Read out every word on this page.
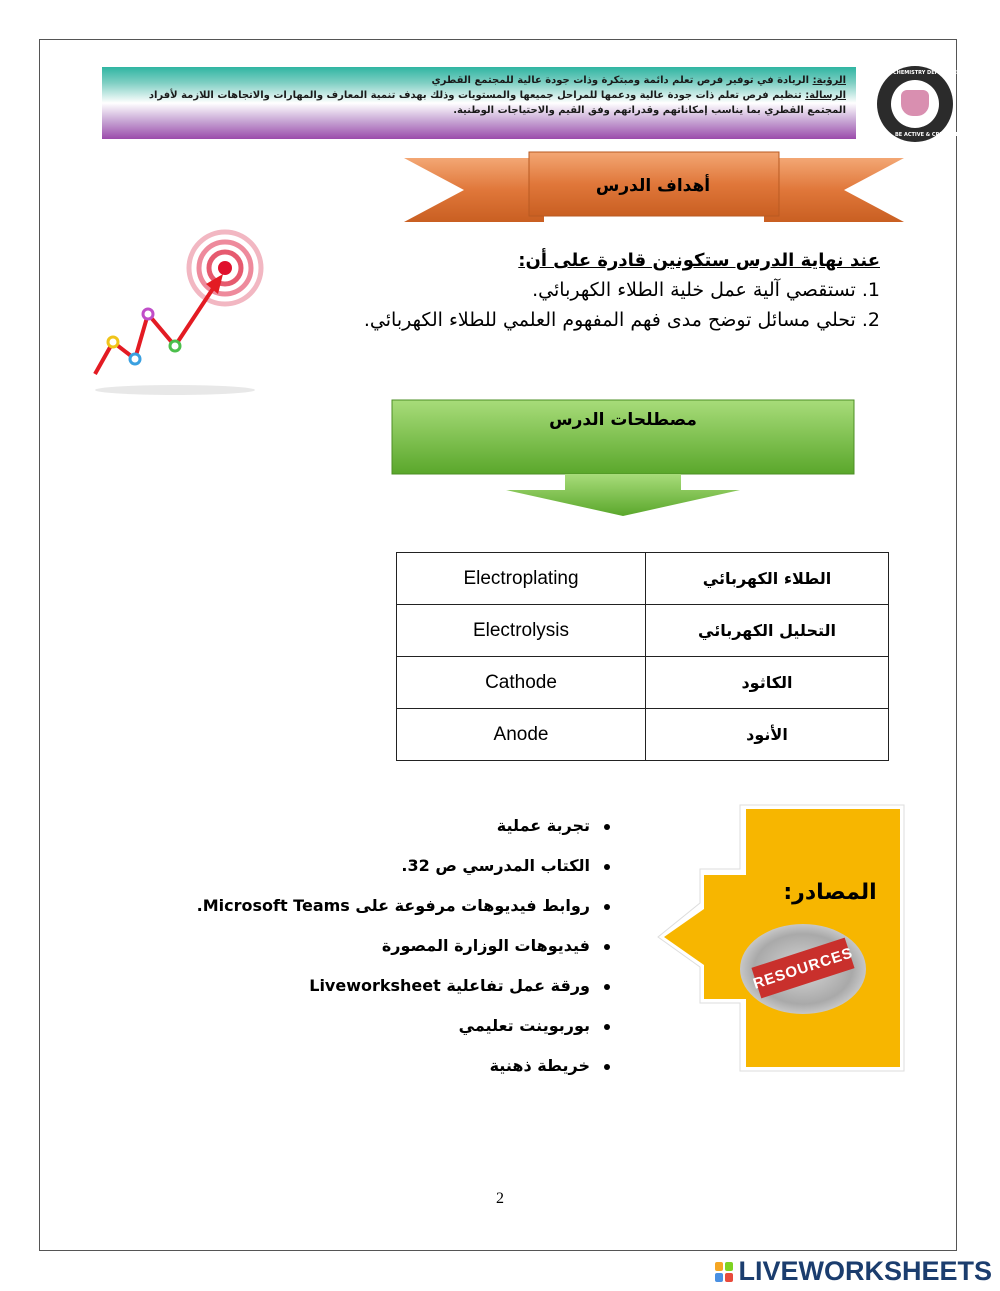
الرؤية: الريادة في توفير فرص تعلم دائمة ومبتكرة وذات جودة عالية للمجتمع القطري
الرسالة: تنظيم فرص تعلم ذات جودة عالية ودعمها للمراحل جميعها والمستويات وذلك بهدف تنمية المعارف والمهارات والاتجاهات اللازمة لأفراد المجتمع القطري بما يناسب إمكاناتهم وقدراتهم وفق القيم والاحتياجات الوطنية.
CHEMISTRY DEPARTMENT
BE ACTIVE & CREATIVE
أهداف الدرس
عند نهاية الدرس ستكونين قادرة على أن:
1. تستقصي آلية عمل خلية الطلاء الكهربائي.
2. تحلي مسائل توضح مدى فهم المفهوم العلمي للطلاء الكهربائي.
مصطلحات الدرس
Electroplating	الطلاء الكهربائي
Electrolysis	التحليل الكهربائي
Cathode	الكاثود
Anode	الأنود
المصادر:
RESOURCES
تجربة عملية
الكتاب المدرسي ص 32.
روابط فيديوهات مرفوعة على Microsoft Teams.
فيديوهات الوزارة المصورة
ورقة عمل تفاعلية Liveworksheet
بوربوينت تعليمي
خريطة ذهنية
2
LIVEWORKSHEETS
